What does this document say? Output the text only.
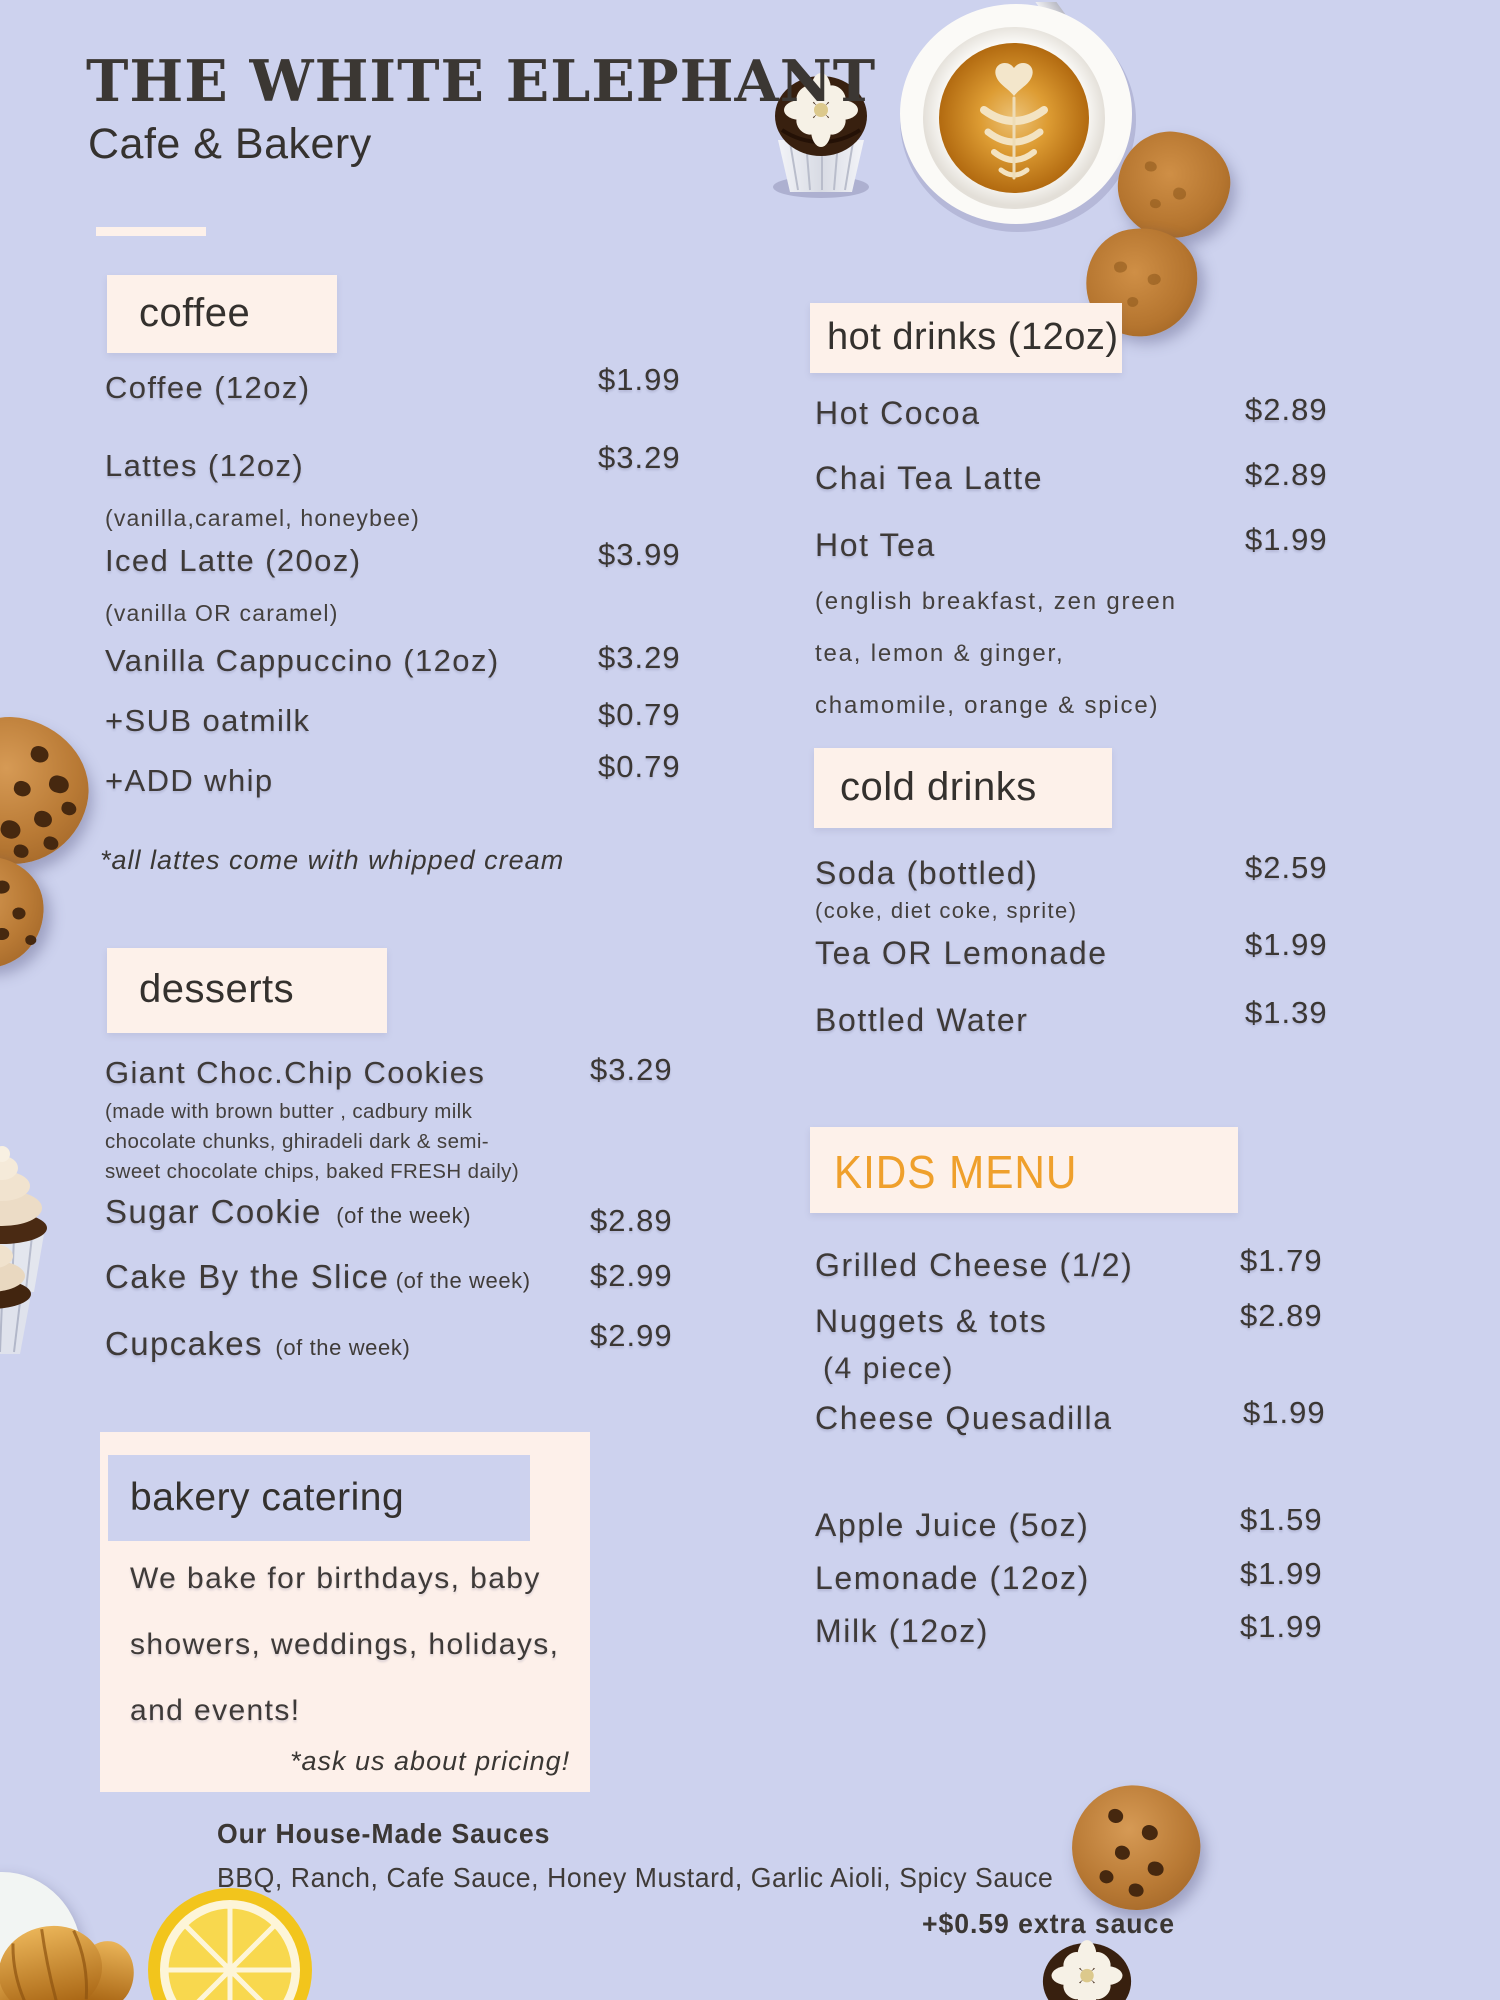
THE WHITE ELEPHANT
Cafe & Bakery
coffee
Coffee (12oz)	$1.99
Lattes (12oz)	$3.29
(vanilla,caramel, honeybee)
Iced Latte (20oz)	$3.99
(vanilla OR caramel)
Vanilla Cappuccino (12oz)	$3.29
+SUB oatmilk	$0.79
+ADD whip	$0.79
*all lattes come with whipped cream
hot drinks (12oz)
Hot Cocoa	$2.89
Chai Tea Latte	$2.89
Hot Tea	$1.99
(english breakfast, zen green
tea, lemon & ginger,
chamomile, orange & spice)
cold drinks
Soda (bottled)	$2.59
(coke, diet coke, sprite)
Tea OR Lemonade	$1.99
Bottled Water	$1.39
desserts
Giant Choc.Chip Cookies	$3.29
(made with brown butter , cadbury milk
chocolate chunks, ghiradeli dark & semi-
sweet chocolate chips, baked FRESH daily)
Sugar Cookie (of the week)	$2.89
Cake By the Slice (of the week) $2.99
Cupcakes (of the week)	$2.99
KIDS MENU
Grilled Cheese (1/2)	$1.79
Nuggets & tots	$2.89
(4 piece)
Cheese Quesadilla	$1.99
Apple Juice (5oz)	$1.59
Lemonade (12oz)	$1.99
Milk (12oz)	$1.99
bakery catering
We bake for birthdays, baby
showers, weddings, holidays,
and events!
*ask us about pricing!
Our House-Made Sauces
BBQ, Ranch, Cafe Sauce, Honey Mustard, Garlic Aioli, Spicy Sauce
+$0.59 extra sauce
